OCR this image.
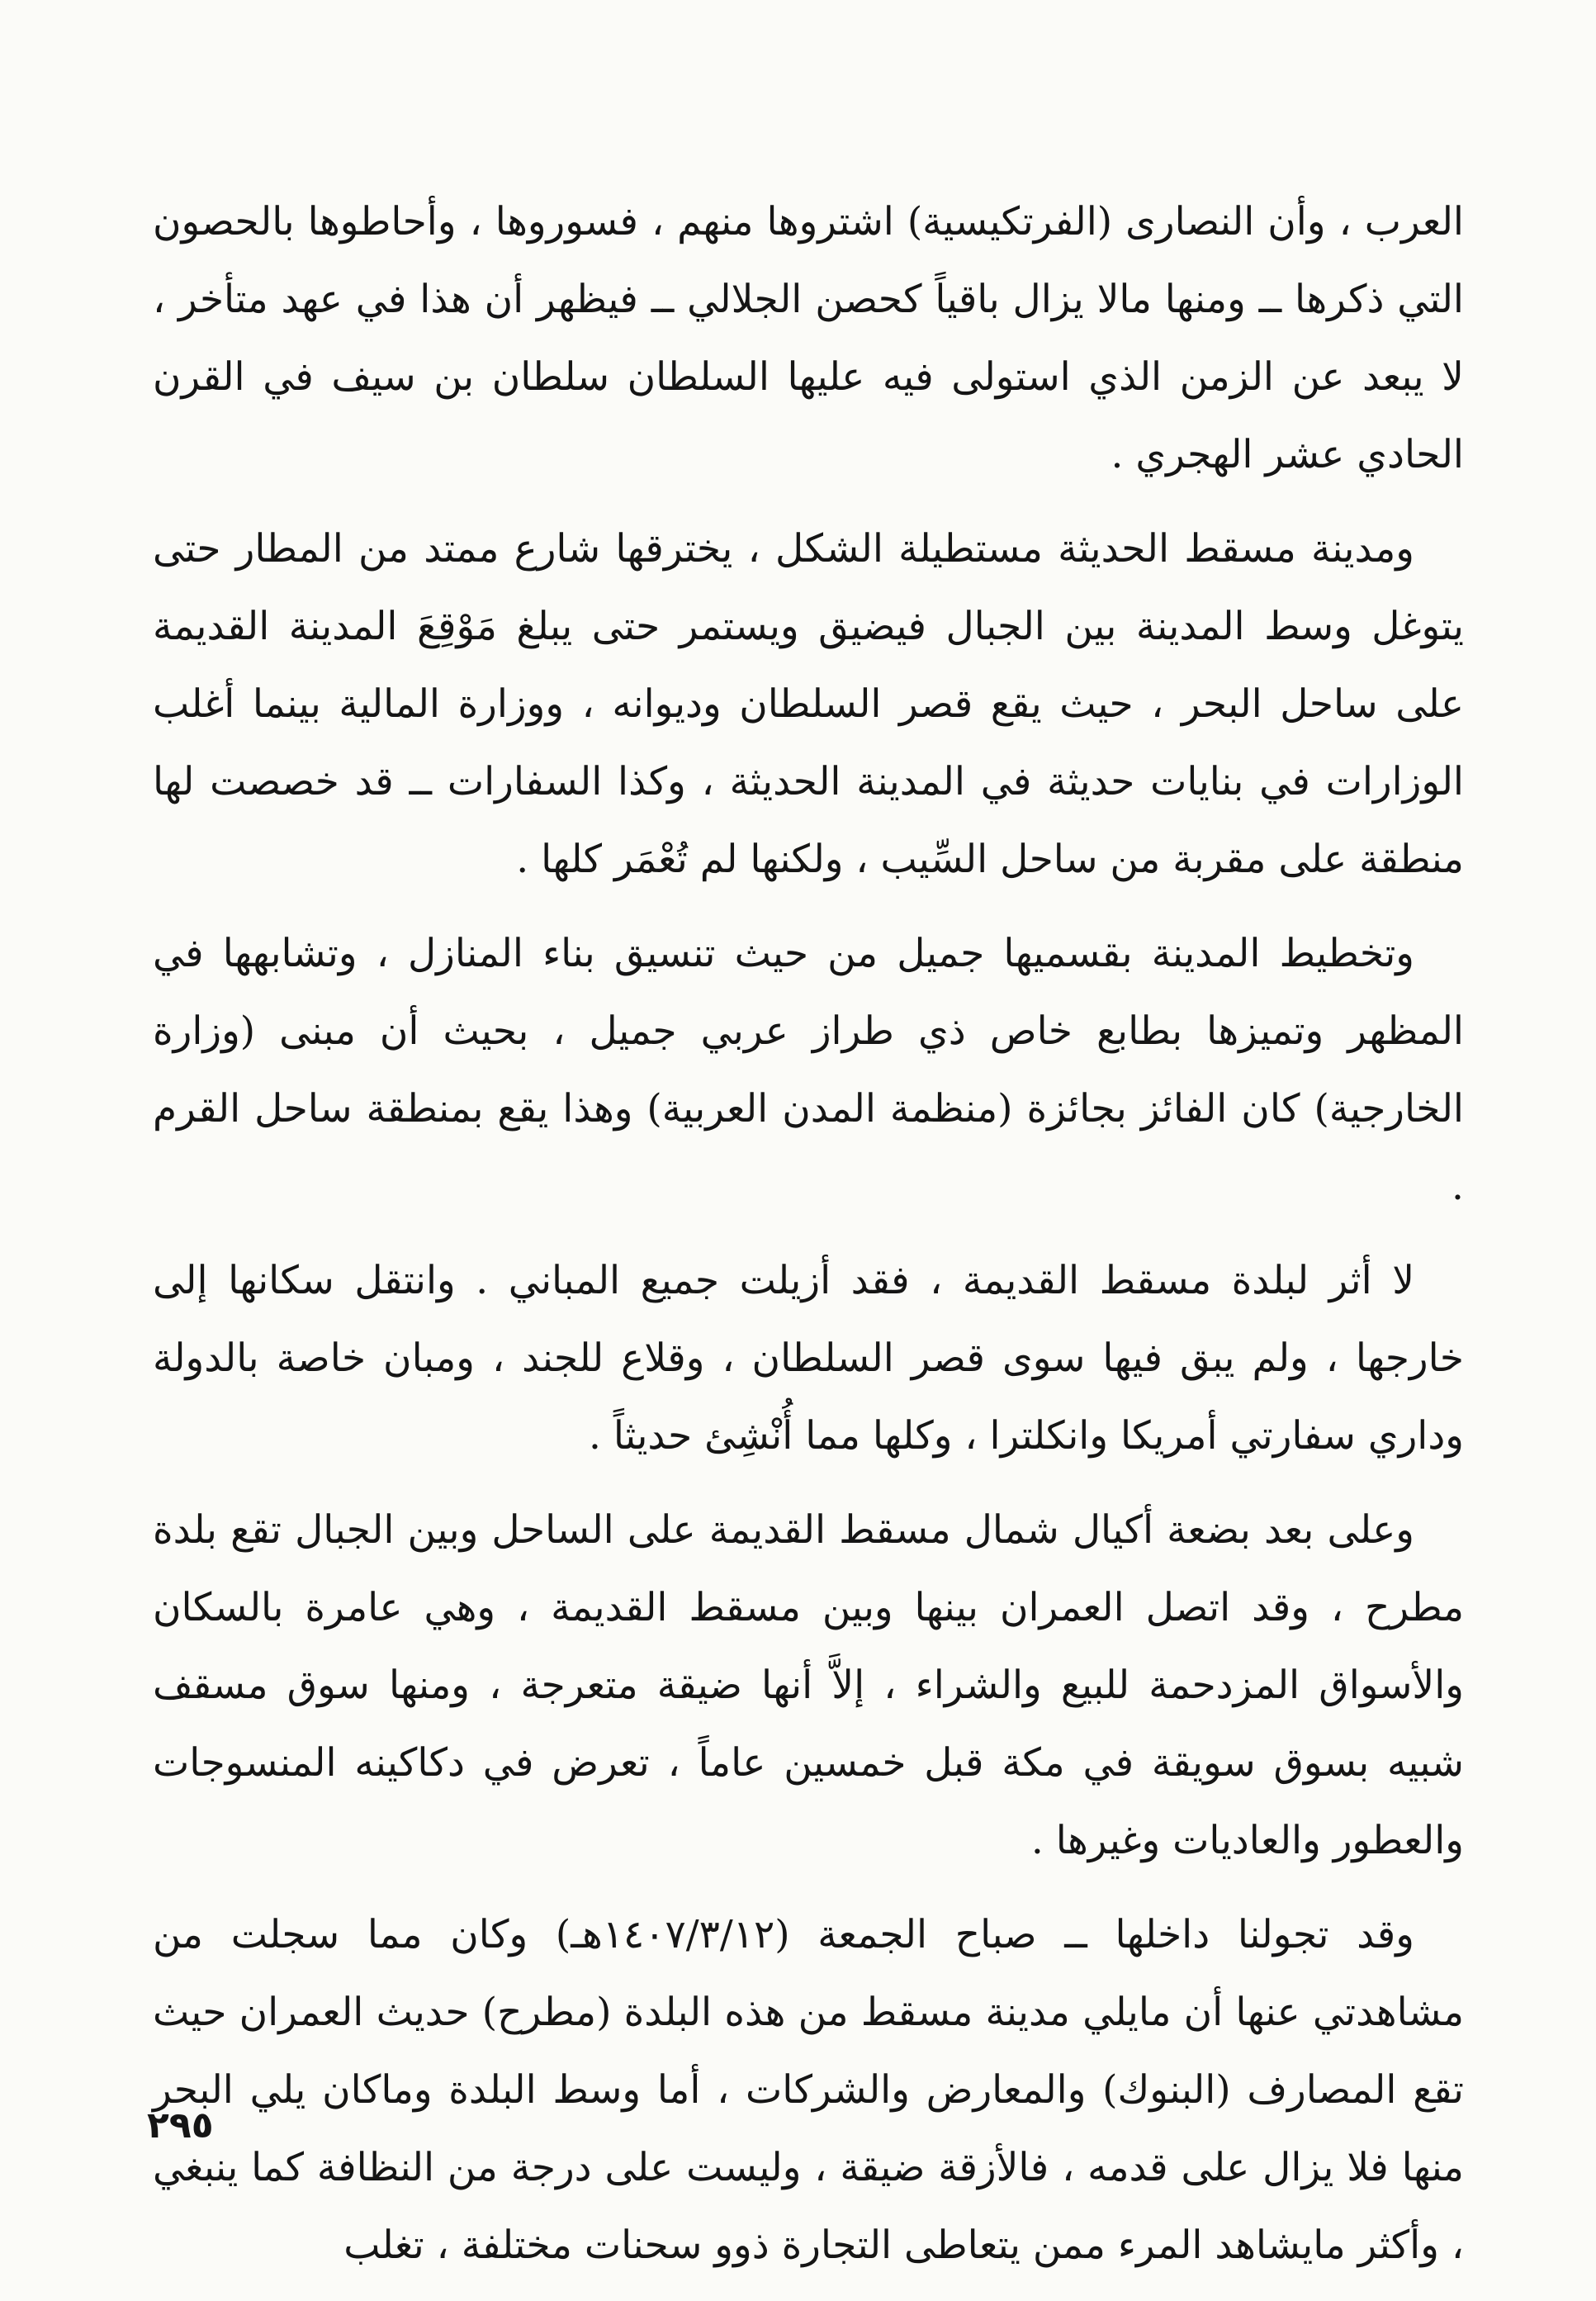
العرب ، وأن النصارى (الفرتكيسية) اشتروها منهم ، فسوروها ، وأحاطوها بالحصون التي ذكرها ــ ومنها مالا يزال باقياً كحصن الجلالي ــ فيظهر أن هذا في عهد متأخر ، لا يبعد عن الزمن الذي استولى فيه عليها السلطان سلطان بن سيف في القرن الحادي عشر الهجري .

ومدينة مسقط الحديثة مستطيلة الشكل ، يخترقها شارع ممتد من المطار حتى يتوغل وسط المدينة بين الجبال فيضيق ويستمر حتى يبلغ مَوْقِعَ المدينة القديمة على ساحل البحر ، حيث يقع قصر السلطان وديوانه ، ووزارة المالية بينما أغلب الوزارات في بنايات حديثة في المدينة الحديثة ، وكذا السفارات ــ قد خصصت لها منطقة على مقربة من ساحل السِّيب ، ولكنها لم تُعْمَر كلها .

وتخطيط المدينة بقسميها جميل من حيث تنسيق بناء المنازل ، وتشابهها في المظهر وتميزها بطابع خاص ذي طراز عربي جميل ، بحيث أن مبنى (وزارة الخارجية) كان الفائز بجائزة (منظمة المدن العربية) وهذا يقع بمنطقة ساحل القرم .

لا أثر لبلدة مسقط القديمة ، فقد أزيلت جميع المباني . وانتقل سكانها إلى خارجها ، ولم يبق فيها سوى قصر السلطان ، وقلاع للجند ، ومبان خاصة بالدولة وداري سفارتي أمريكا وانكلترا ، وكلها مما أُنْشِئ حديثاً .

وعلى بعد بضعة أكيال شمال مسقط القديمة على الساحل وبين الجبال تقع بلدة مطرح ، وقد اتصل العمران بينها وبين مسقط القديمة ، وهي عامرة بالسكان والأسواق المزدحمة للبيع والشراء ، إلاَّ أنها ضيقة متعرجة ، ومنها سوق مسقف شبيه بسوق سويقة في مكة قبل خمسين عاماً ، تعرض في دكاكينه المنسوجات والعطور والعاديات وغيرها .

وقد تجولنا داخلها ــ صباح الجمعة (١٤٠٧/٣/١٢هـ) وكان مما سجلت من مشاهدتي عنها أن مايلي مدينة مسقط من هذه البلدة (مطرح) حديث العمران حيث تقع المصارف (البنوك) والمعارض والشركات ، أما وسط البلدة وماكان يلي البحر منها فلا يزال على قدمه ، فالأزقة ضيقة ، وليست على درجة من النظافة كما ينبغي ، وأكثر مايشاهد المرء ممن يتعاطى التجارة ذوو سحنات مختلفة ، تغلب

٢٩٥
